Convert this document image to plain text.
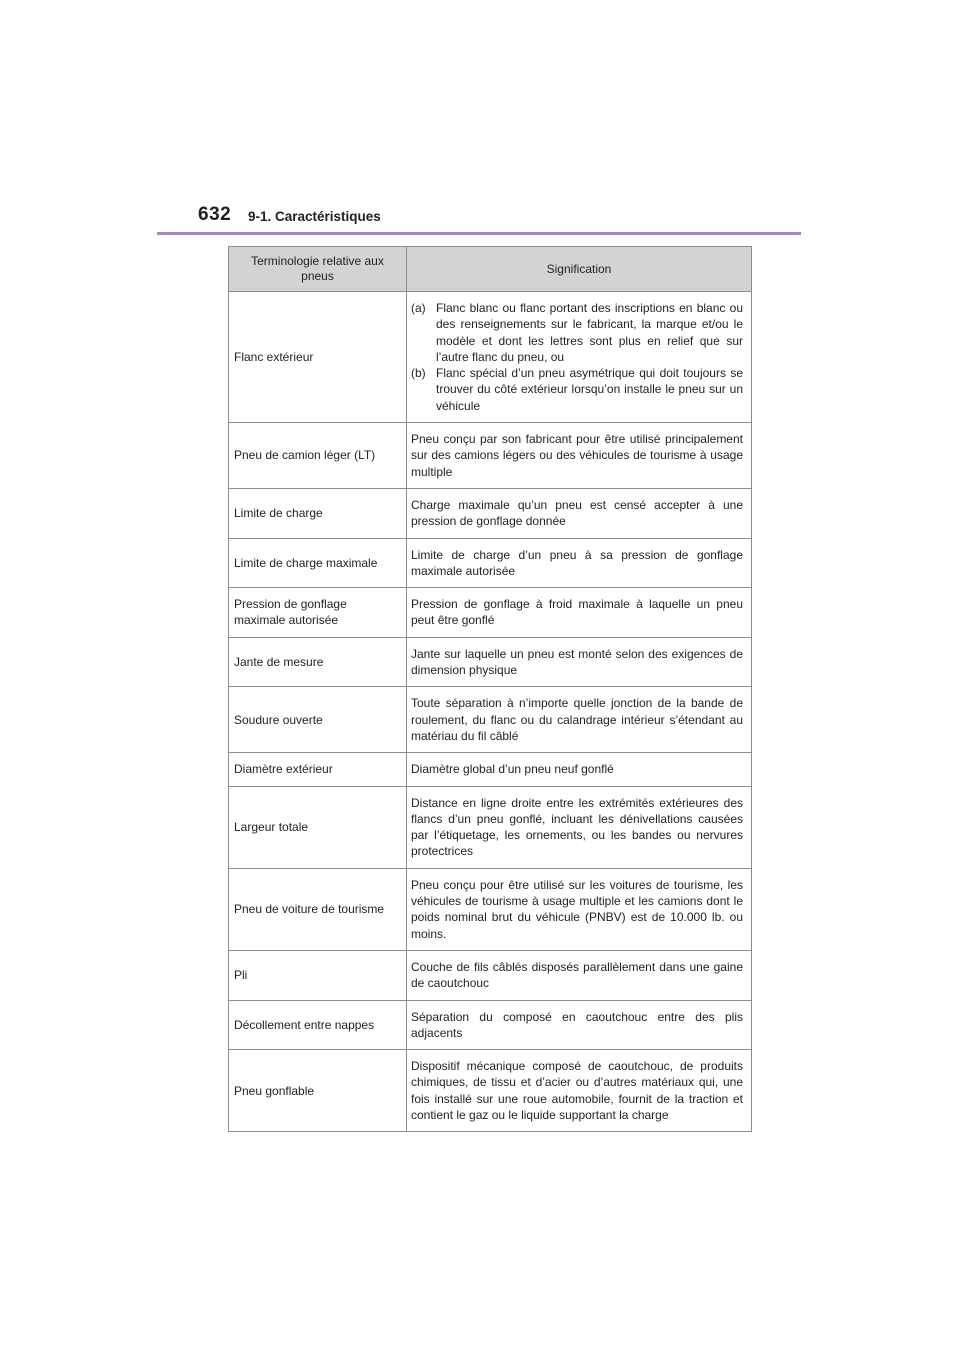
632 9-1. Caractéristiques
Terminologie relative aux pneus	Signification
Flanc extérieur	(a) Flanc blanc ou flanc portant des inscriptions en blanc ou des renseignements sur le fabricant, la marque et/ou le modèle et dont les lettres sont plus en relief que sur l’autre flanc du pneu, ou
(b) Flanc spécial d’un pneu asymétrique qui doit toujours se trouver du côté extérieur lorsqu’on installe le pneu sur un véhicule

Pneu de camion léger (LT)	Pneu conçu par son fabricant pour être utilisé principalement sur des camions légers ou des véhicules de tourisme à usage multiple
Limite de charge	Charge maximale qu’un pneu est censé accepter à une pression de gonflage donnée
Limite de charge maximale	Limite de charge d’un pneu à sa pression de gonflage maximale autorisée
Pression de gonflage maximale autorisée	Pression de gonflage à froid maximale à laquelle un pneu peut être gonflé
Jante de mesure	Jante sur laquelle un pneu est monté selon des exigences de dimension physique
Soudure ouverte	Toute séparation à n’importe quelle jonction de la bande de roulement, du flanc ou du calandrage intérieur s’étendant au matériau du fil câblé
Diamètre extérieur	Diamètre global d’un pneu neuf gonflé
Largeur totale	Distance en ligne droite entre les extrémités extérieures des flancs d’un pneu gonflé, incluant les dénivellations causées par l’étiquetage, les ornements, ou les bandes ou nervures protectrices
Pneu de voiture de tourisme	Pneu conçu pour être utilisé sur les voitures de tourisme, les véhicules de tourisme à usage multiple et les camions dont le poids nominal brut du véhicule (PNBV) est de 10.000 lb. ou moins.
Pli	Couche de fils câblés disposés parallèlement dans une gaine de caoutchouc
Décollement entre nappes	Séparation du composé en caoutchouc entre des plis adjacents
Pneu gonflable	Dispositif mécanique composé de caoutchouc, de produits chimiques, de tissu et d’acier ou d’autres matériaux qui, une fois installé sur une roue automobile, fournit de la traction et contient le gaz ou le liquide supportant la charge
